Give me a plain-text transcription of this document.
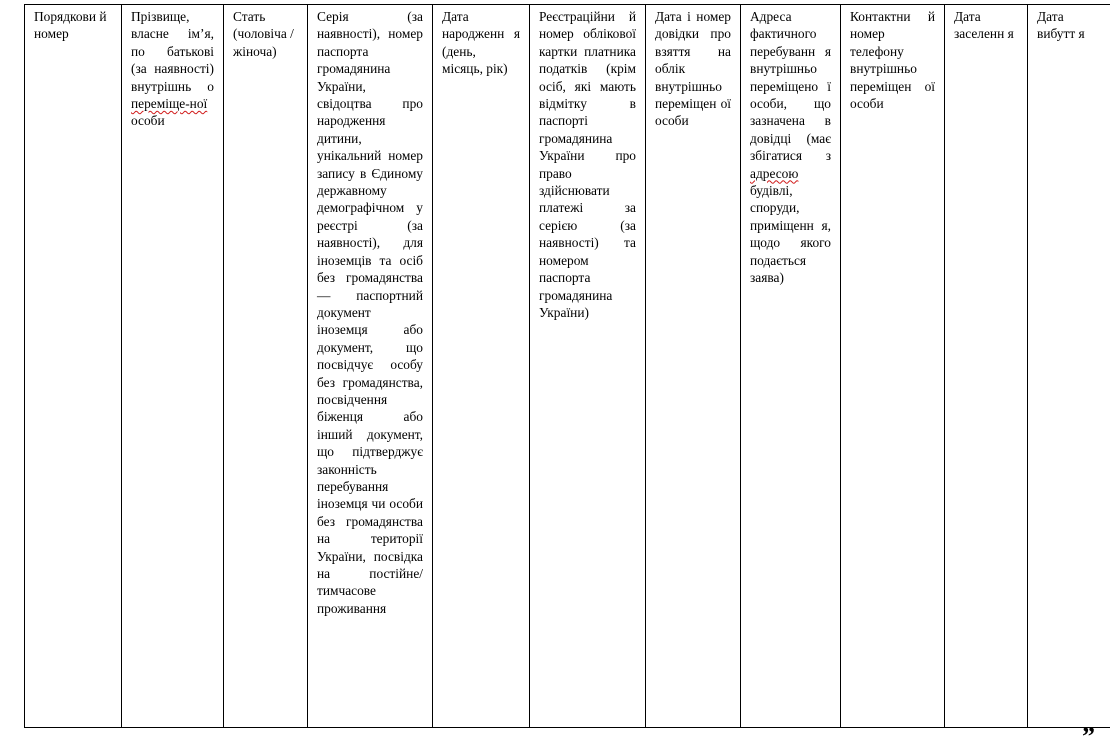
Порядкови й номер	Прізвище, власне ім’я, по батькові (за наявності) внутрішнь о переміще-ної особи	Стать (чоловіча / жіноча)	Серія (за наявності), номер паспорта громадянина України, свідоцтва про народження дитини, унікальний номер запису в Єдиному державному демографічном у реєстрі (за наявності), для іноземців та осіб без громадянства — паспортний документ іноземця або документ, що посвідчує особу без громадянства, посвідчення біженця або інший документ, що підтверджує законність перебування іноземця чи особи без громадянства на території України, посвідка на постійне/ тимчасове проживання	Дата народженн я (день, місяць, рік)	Реєстраційни й номер облікової картки платника податків (крім осіб, які мають відмітку в паспорті громадянина України про право здійснювати платежі за серією (за наявності) та номером паспорта громадянина України)	Дата і номер довідки про взяття на облік внутрішньо переміщен ої особи	Адреса фактичного перебуванн я внутрішньо переміщено ї особи, що зазначена в довідці (має збігатися з адресою будівлі, споруди, приміщенн я, щодо якого подається заява)	Контактни й номер телефону внутрішньо переміщен ої особи	Дата заселенн я	Дата вибутт я
”
